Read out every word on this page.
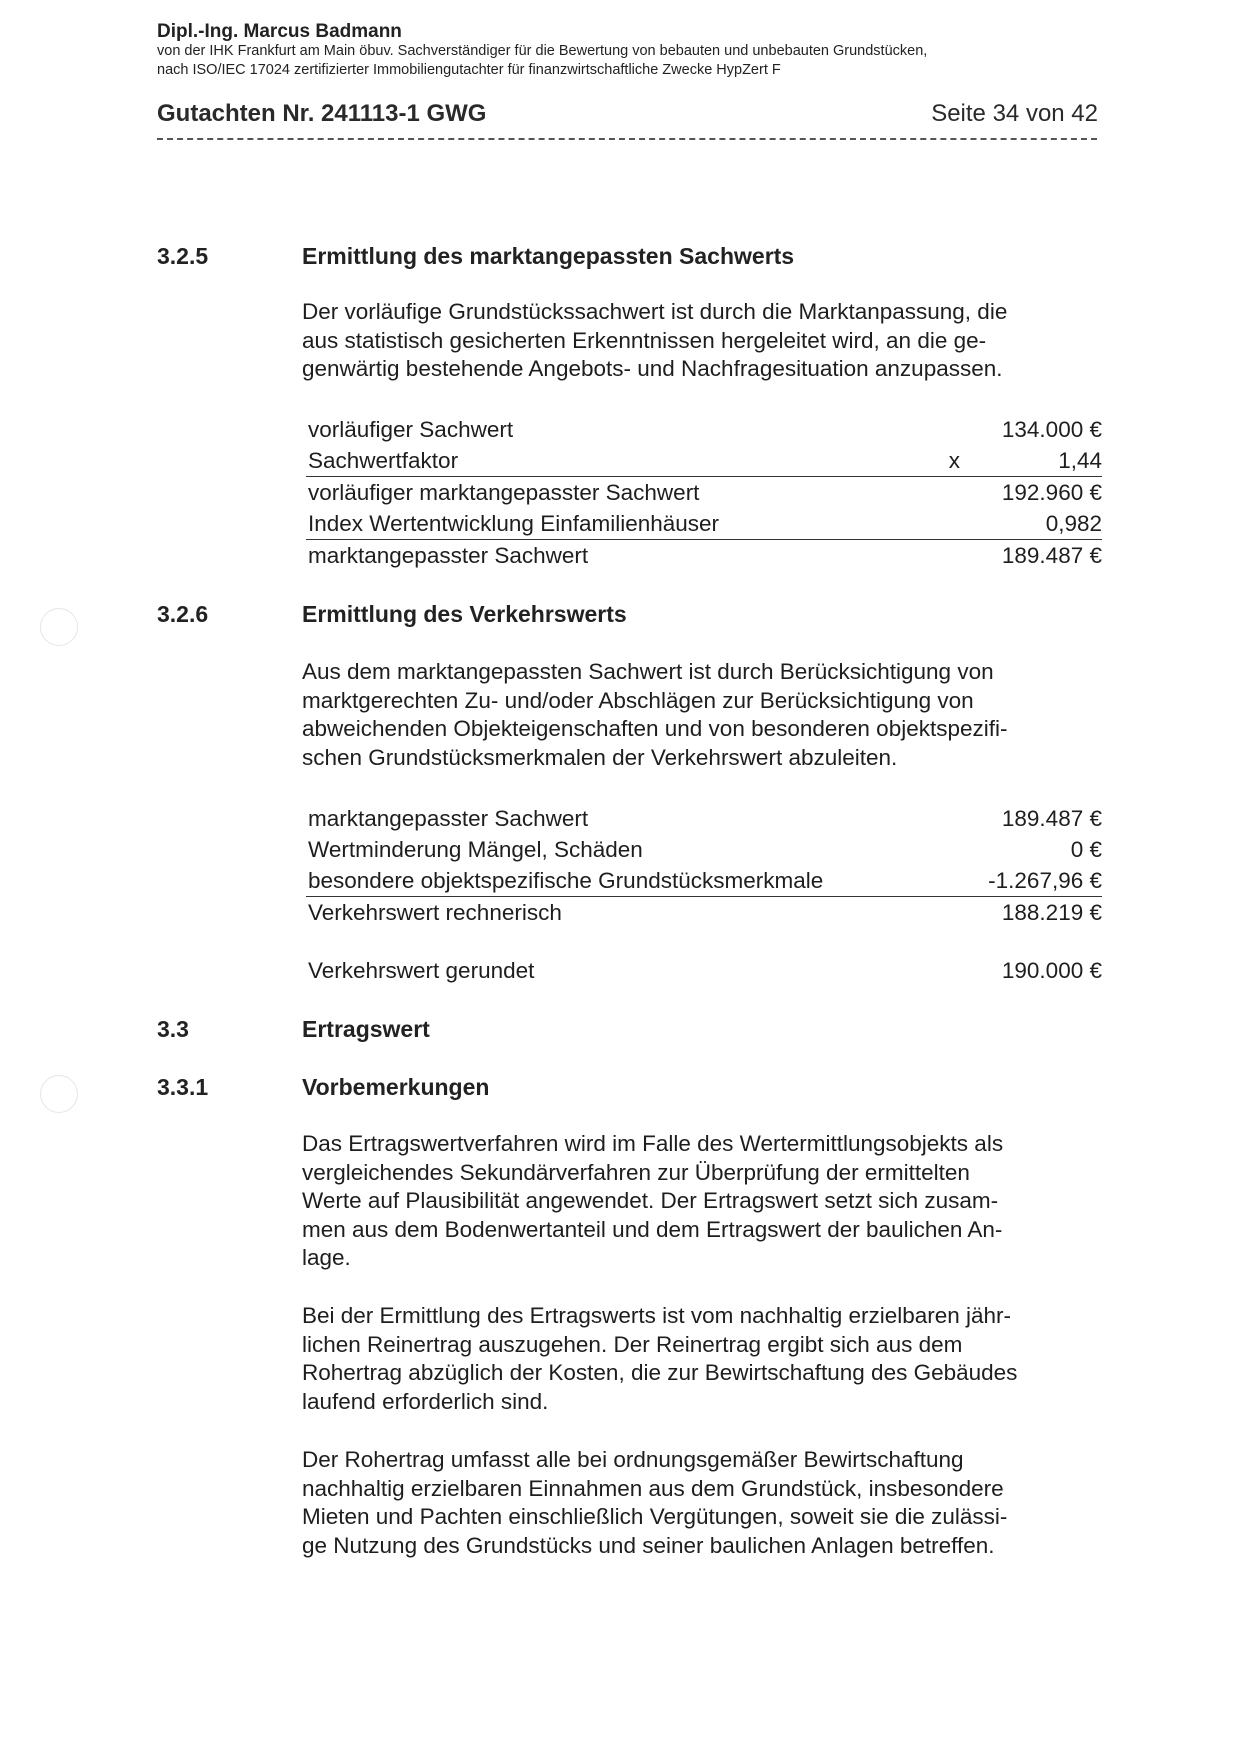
Dipl.-Ing. Marcus Badmann
von der IHK Frankfurt am Main öbuv. Sachverständiger für die Bewertung von bebauten und unbebauten Grundstücken,
nach ISO/IEC 17024 zertifizierter Immobiliengutachter für finanzwirtschaftliche Zwecke HypZert F
Gutachten Nr. 241113-1 GWG	Seite 34 von 42
3.2.5	Ermittlung des marktangepassten Sachwerts

Der vorläufige Grundstückssachwert ist durch die Marktanpassung, die

aus statistisch gesicherten Erkenntnissen hergeleitet wird, an die ge-

genwärtig bestehende Angebots- und Nachfragesituation anzupassen.

vorläufiger Sachwert	134.000 €
Sachwertfaktor	x	1,44
vorläufiger marktangepasster Sachwert	192.960 €
Index Wertentwicklung Einfamilienhäuser	0,982
marktangepasster Sachwert	189.487 €
3.2.6	Ermittlung des Verkehrswerts

Aus dem marktangepassten Sachwert ist durch Berücksichtigung von

marktgerechten Zu- und/oder Abschlägen zur Berücksichtigung von

abweichenden Objekteigenschaften und von besonderen objektspezifi-

schen Grundstücksmerkmalen der Verkehrswert abzuleiten.

marktangepasster Sachwert	189.487 €
Wertminderung Mängel, Schäden	0 €
besondere objektspezifische Grundstücksmerkmale	-1.267,96 €
Verkehrswert rechnerisch	188.219 €
Verkehrswert gerundet	190.000 €
3.3	Ertragswert
3.3.1	Vorbemerkungen

Das Ertragswertverfahren wird im Falle des Wertermittlungsobjekts als

vergleichendes Sekundärverfahren zur Überprüfung der ermittelten

Werte auf Plausibilität angewendet. Der Ertragswert setzt sich zusam-

men aus dem Bodenwertanteil und dem Ertragswert der baulichen An-

lage.

Bei der Ermittlung des Ertragswerts ist vom nachhaltig erzielbaren jähr-

lichen Reinertrag auszugehen. Der Reinertrag ergibt sich aus dem

Rohertrag abzüglich der Kosten, die zur Bewirtschaftung des Gebäudes

laufend erforderlich sind.

Der Rohertrag umfasst alle bei ordnungsgemäßer Bewirtschaftung

nachhaltig erzielbaren Einnahmen aus dem Grundstück, insbesondere

Mieten und Pachten einschließlich Vergütungen, soweit sie die zulässi-

ge Nutzung des Grundstücks und seiner baulichen Anlagen betreffen.
